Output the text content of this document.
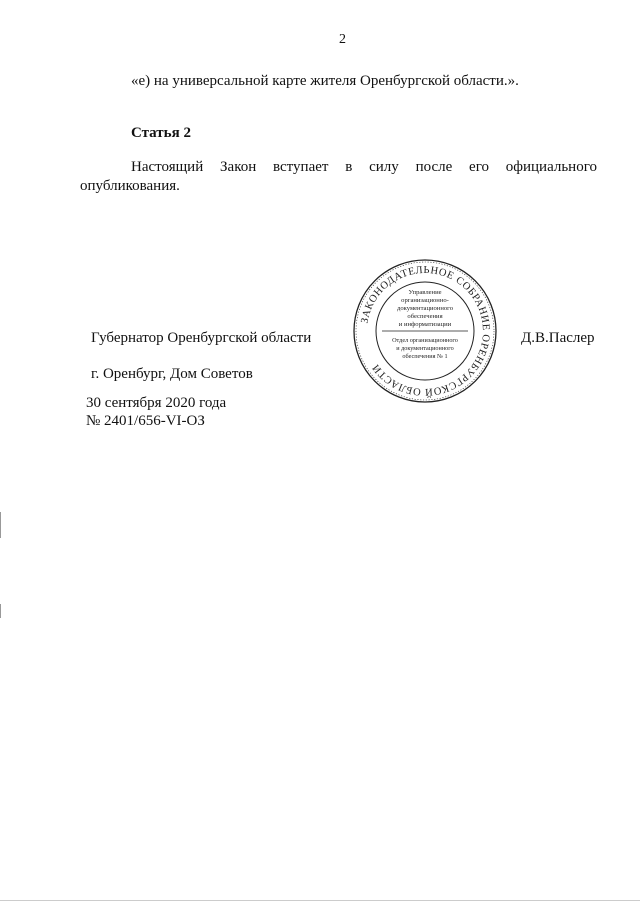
2
«е) на универсальной карте жителя Оренбургской области.».
Статья 2
Настоящий Закон вступает в силу после его официального
опубликования.
ЗАКОНОДАТЕЛЬНОЕ СОБРАНИЕ ОРЕНБУРГСКОЙ ОБЛАСТИ
Управление
организационно-
документационного
обеспечения
и информатизации
Отдел организационного
и документационного
обеспечения № 1
Губернатор Оренбургской области	Д.В.Паслер
г. Оренбург, Дом Советов
30 сентября 2020 года
№ 2401/656-VI-ОЗ
